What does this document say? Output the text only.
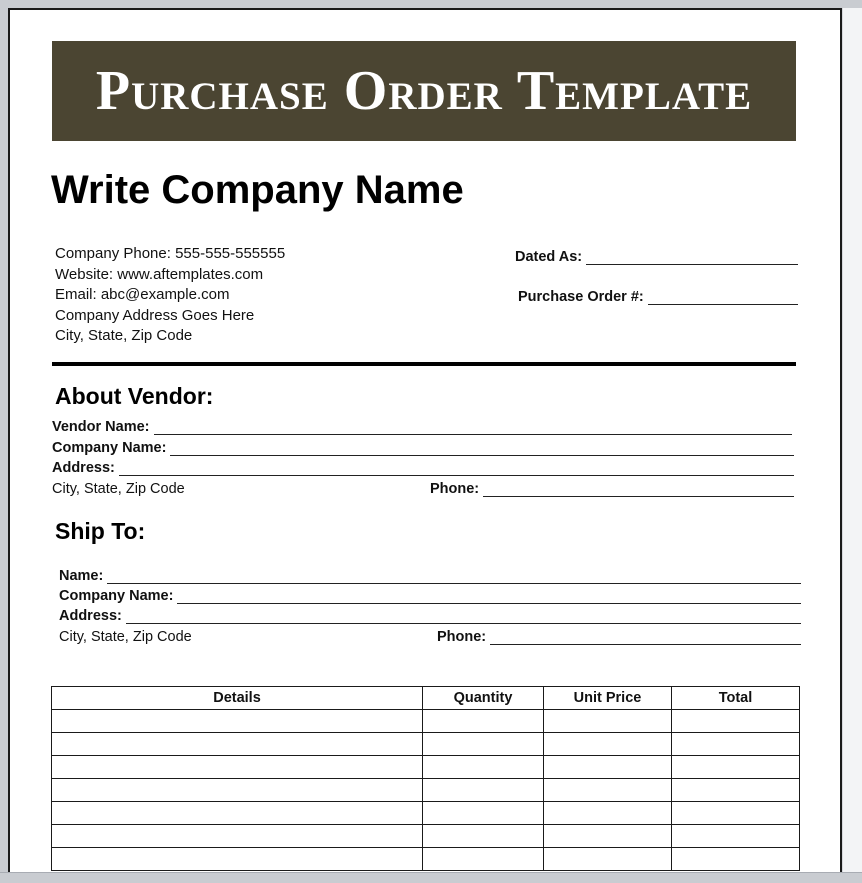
Purchase Order Template
Write Company Name
Company Phone: 555-555-555555
Website: www.aftemplates.com
Email: abc@example.com
Company Address Goes Here
City, State, Zip Code
Dated As:
Purchase Order #:
About Vendor:
Vendor Name:
Company Name:
Address:
City, State, Zip Code	Phone:
Ship To:
Name:
Company Name:
Address:
City, State, Zip Code	Phone:
Details	Quantity	Unit Price	Total
